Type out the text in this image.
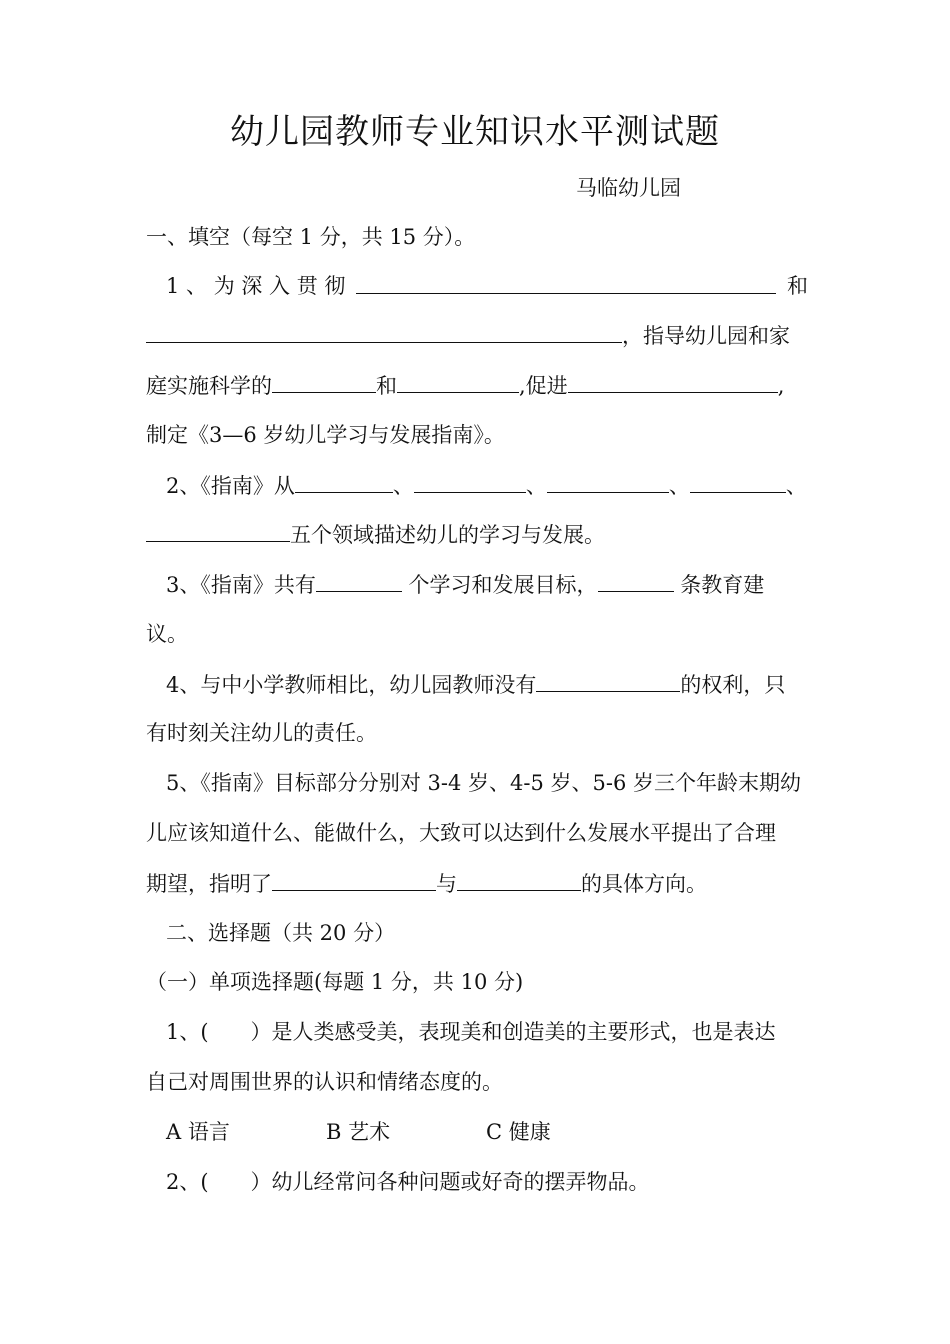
幼儿园教师专业知识水平测试题
马临幼儿园
一、填空（每空 1 分，共 15 分）。
1 、 为 深 入 贯 彻	和
，指导幼儿园和家
庭实施科学的	和	,促进	,
制定《3—6 岁幼儿学习与发展指南》。
2、《指南》从	、	、	、	、
五个领域描述幼儿的学习与发展。
3、《指南》共有	个学习和发展目标，	条教育建
议。
4、与中小学教师相比，幼儿园教师没有	的权利，只
有时刻关注幼儿的责任。
5、《指南》目标部分分别对 3-4 岁、4-5 岁、5-6 岁三个年龄末期幼
儿应该知道什么、能做什么，大致可以达到什么发展水平提出了合理
期望，指明了	与	的具体方向。
二、选择题（共 20 分）
（一）单项选择题(每题 1 分，共 10 分)
1、(　　）是人类感受美，表现美和创造美的主要形式，也是表达
自己对周围世界的认识和情绪态度的。
A 语言	B 艺术	C 健康
2、(　　）幼儿经常问各种问题或好奇的摆弄物品。
